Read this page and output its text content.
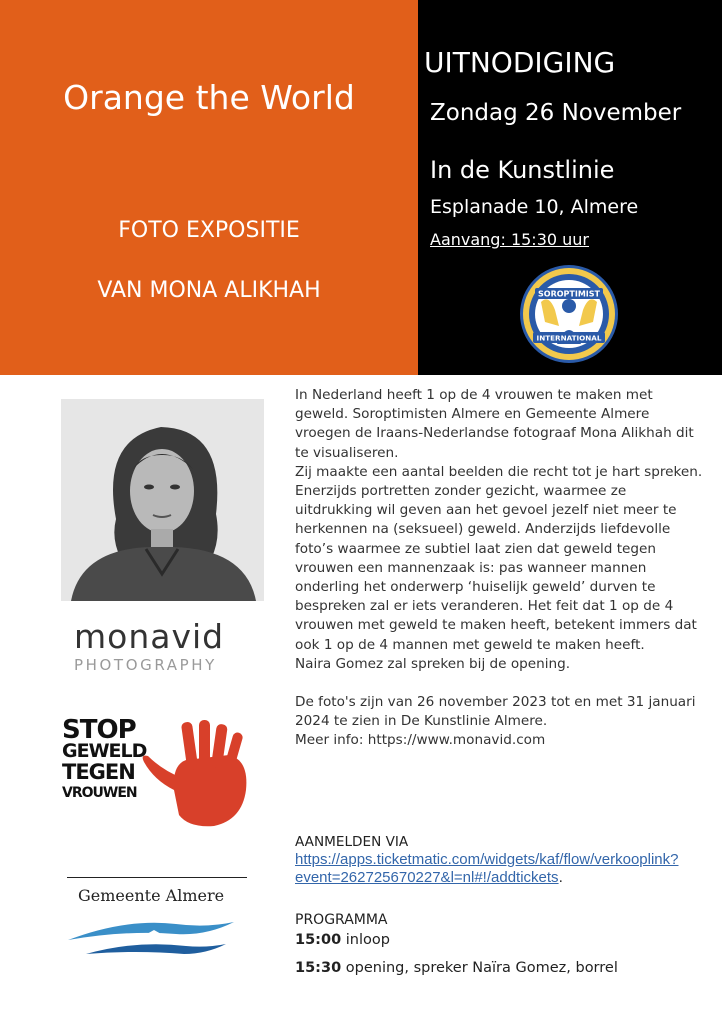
Orange the World
FOTO EXPOSITIE
VAN MONA ALIKHAH
UITNODIGING
Zondag 26 November
In de Kunstlinie
Esplanade 10, Almere
Aanvang: 15:30 uur
SOROPTIMIST
INTERNATIONAL
monavid
PHOTOGRAPHY
STOP
GEWELD
TEGEN
VROUWEN
Gemeente Almere

In Nederland heeft 1 op de 4 vrouwen te maken met geweld. Soroptimisten Almere en Gemeente Almere vroegen de Iraans-Nederlandse fotograaf Mona Alikhah dit te visualiseren.

Zij maakte een aantal beelden die recht tot je hart spreken. Enerzijds portretten zonder gezicht, waarmee ze uitdrukking wil geven aan het gevoel jezelf niet meer te herkennen na (seksueel) geweld. Anderzijds liefdevolle foto’s waarmee ze subtiel laat zien dat geweld tegen vrouwen een mannenzaak is: pas wanneer mannen onderling het onderwerp ‘huiselijk geweld’ durven te bespreken zal er iets veranderen. Het feit dat 1 op de 4 vrouwen met geweld te maken heeft, betekent immers dat ook 1 op de 4 mannen met geweld te maken heeft.

Naira Gomez zal spreken bij de opening.

De foto's zijn van 26 november 2023 tot en met 31 januari 2024 te zien in De Kunstlinie Almere.

Meer info: https://www.monavid.com

AANMELDEN VIA https://apps.ticketmatic.com/widgets/kaf/flow/verkooplink?event=262725670227&l=nl#!/addtickets.
PROGRAMMA
15:00 inloop
15:30 opening, spreker Naïra Gomez, borrel
